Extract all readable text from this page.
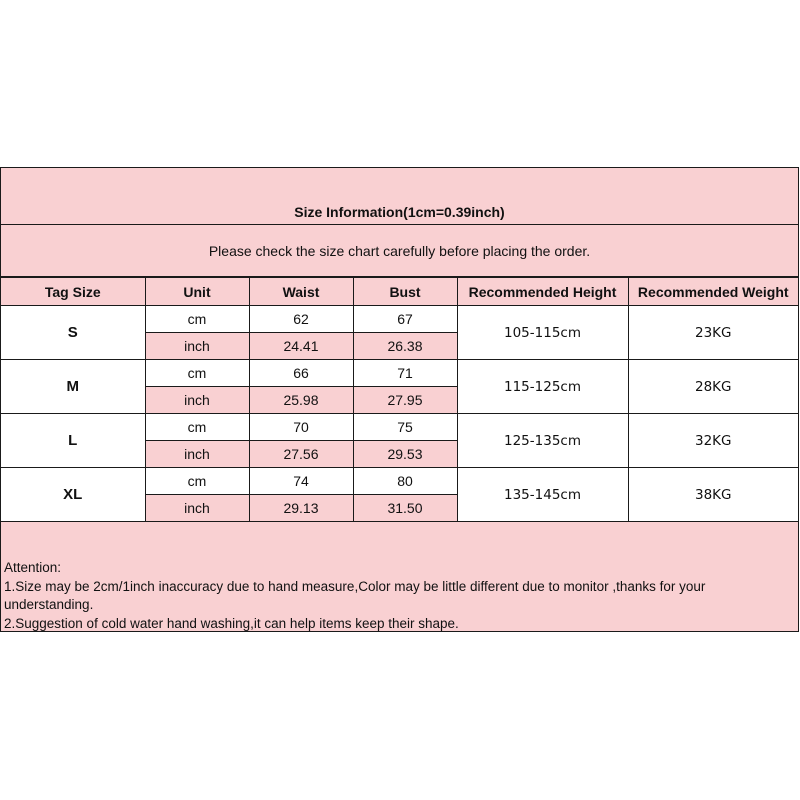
Size Information(1cm=0.39inch)
Please check the size chart carefully before placing the order.
Tag Size	Unit	Waist	Bust	Recommended Height	Recommended Weight
S	cm	62	67	105-115cm	23KG
	inch	24.41	26.38		
M	cm	66	71	115-125cm	28KG
	inch	25.98	27.95		
L	cm	70	75	125-135cm	32KG
	inch	27.56	29.53		
XL	cm	74	80	135-145cm	38KG
	inch	29.13	31.50		

Attention:

1.Size may be 2cm/1inch inaccuracy due to hand measure,Color may be little different due to monitor ,thanks for your understanding.

2.Suggestion of cold water hand washing,it can help items keep their shape.
